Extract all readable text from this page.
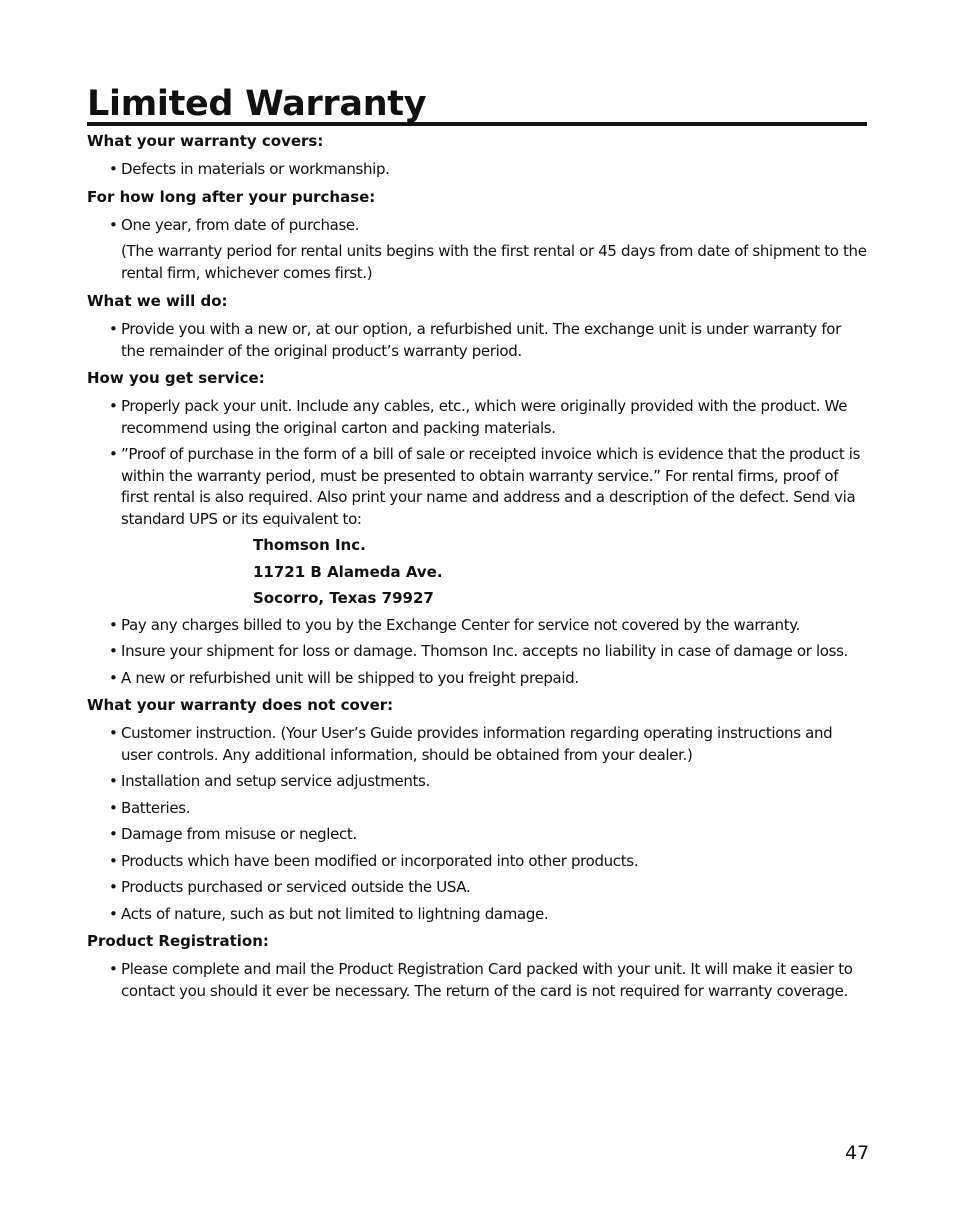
Limited Warranty
What your warranty covers:
• Defects in materials or workmanship.
For how long after your purchase:
• One year, from date of purchase.
(The warranty period for rental units begins with the first rental or 45 days from date of shipment to the rental firm, whichever comes first.)
What we will do:
• Provide you with a new or, at our option, a refurbished unit. The exchange unit is under warranty for the remainder of the original product’s warranty period.
How you get service:
• Properly pack your unit. Include any cables, etc., which were originally provided with the product. We recommend using the original carton and packing materials.
• ”Proof of purchase in the form of a bill of sale or receipted invoice which is evidence that the product is within the warranty period, must be presented to obtain warranty service.” For rental firms, proof of first rental is also required. Also print your name and address and a description of the defect. Send via standard UPS or its equivalent to:
Thomson Inc.
11721 B Alameda Ave.
Socorro, Texas 79927
• Pay any charges billed to you by the Exchange Center for service not covered by the warranty.
• Insure your shipment for loss or damage. Thomson Inc. accepts no liability in case of damage or loss.
• A new or refurbished unit will be shipped to you freight prepaid.
What your warranty does not cover:
• Customer instruction. (Your User’s Guide provides information regarding operating instructions and user controls. Any additional information, should be obtained from your dealer.)
• Installation and setup service adjustments.
• Batteries.
• Damage from misuse or neglect.
• Products which have been modified or incorporated into other products.
• Products purchased or serviced outside the USA.
• Acts of nature, such as but not limited to lightning damage.
Product Registration:
• Please complete and mail the Product Registration Card packed with your unit. It will make it easier to contact you should it ever be necessary. The return of the card is not required for warranty coverage.
47
